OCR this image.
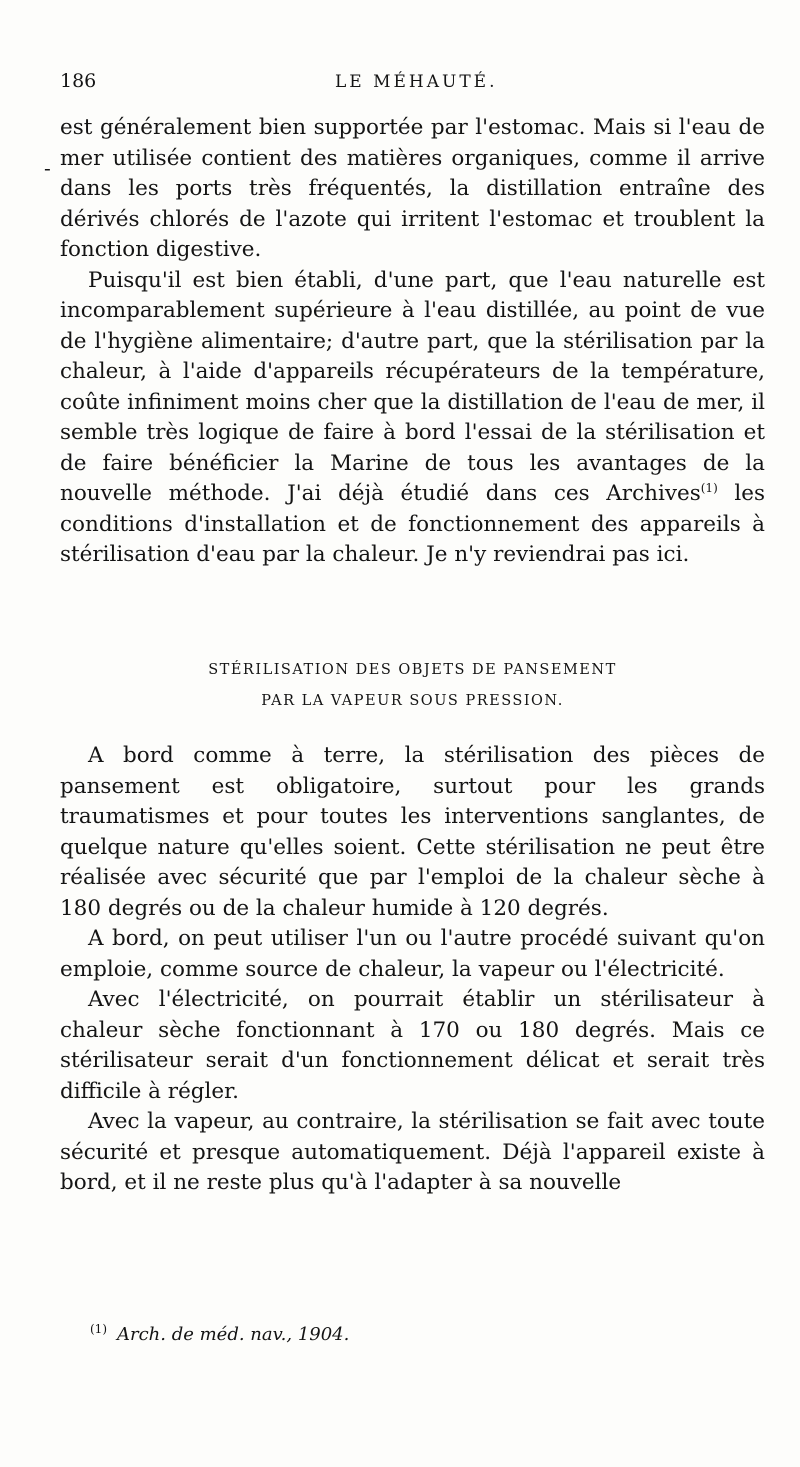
186	LE MÉHAUTÉ.
-

est généralement bien supportée par l'estomac. Mais si l'eau de mer utilisée contient des matières organiques, comme il arrive dans les ports très fréquentés, la distillation entraîne des dérivés chlorés de l'azote qui irritent l'estomac et troublent la fonction digestive.

Puisqu'il est bien établi, d'une part, que l'eau naturelle est incomparablement supérieure à l'eau distillée, au point de vue de l'hygiène alimentaire; d'autre part, que la stérilisation par la chaleur, à l'aide d'appareils récupérateurs de la température, coûte infiniment moins cher que la distillation de l'eau de mer, il semble très logique de faire à bord l'essai de la stérilisation et de faire bénéficier la Marine de tous les avantages de la nouvelle méthode. J'ai déjà étudié dans ces Archives$^{(1)}$ les conditions d'installation et de fonctionnement des appareils à stérilisation d'eau par la chaleur. Je n'y reviendrai pas ici.

STÉRILISATION DES OBJETS DE PANSEMENT
PAR LA VAPEUR SOUS PRESSION.

A bord comme à terre, la stérilisation des pièces de pansement est obligatoire, surtout pour les grands traumatismes et pour toutes les interventions sanglantes, de quelque nature qu'elles soient. Cette stérilisation ne peut être réalisée avec sécurité que par l'emploi de la chaleur sèche à 180 degrés ou de la chaleur humide à 120 degrés.

A bord, on peut utiliser l'un ou l'autre procédé suivant qu'on emploie, comme source de chaleur, la vapeur ou l'électricité.

Avec l'électricité, on pourrait établir un stérilisateur à chaleur sèche fonctionnant à 170 ou 180 degrés. Mais ce stérilisateur serait d'un fonctionnement délicat et serait très difficile à régler.

Avec la vapeur, au contraire, la stérilisation se fait avec toute sécurité et presque automatiquement. Déjà l'appareil existe à bord, et il ne reste plus qu'à l'adapter à sa nouvelle

$^{(1)}$ Arch. de méd. nav., 1904.
